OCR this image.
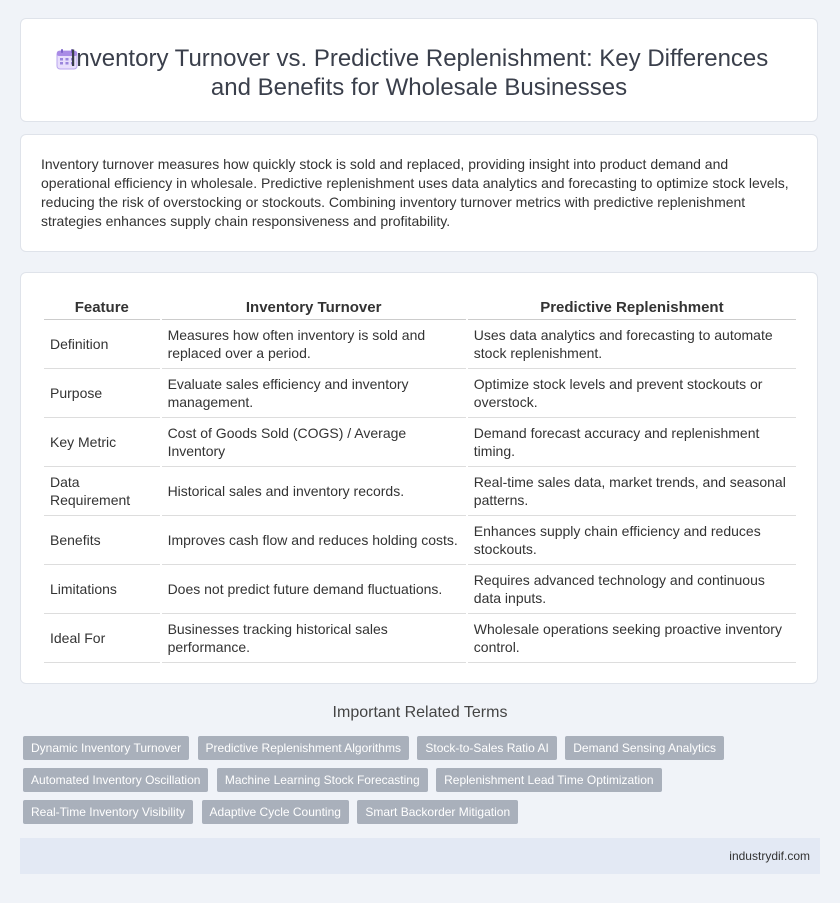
Inventory Turnover vs. Predictive Replenishment: Key Differences and Benefits for Wholesale Businesses
Inventory turnover measures how quickly stock is sold and replaced, providing insight into product demand and operational efficiency in wholesale. Predictive replenishment uses data analytics and forecasting to optimize stock levels, reducing the risk of overstocking or stockouts. Combining inventory turnover metrics with predictive replenishment strategies enhances supply chain responsiveness and profitability.
Feature	Inventory Turnover	Predictive Replenishment
Definition	Measures how often inventory is sold and replaced over a period.	Uses data analytics and forecasting to automate stock replenishment.
Purpose	Evaluate sales efficiency and inventory management.	Optimize stock levels and prevent stockouts or overstock.
Key Metric	Cost of Goods Sold (COGS) / Average Inventory	Demand forecast accuracy and replenishment timing.
Data Requirement	Historical sales and inventory records.	Real-time sales data, market trends, and seasonal patterns.
Benefits	Improves cash flow and reduces holding costs.	Enhances supply chain efficiency and reduces stockouts.
Limitations	Does not predict future demand fluctuations.	Requires advanced technology and continuous data inputs.
Ideal For	Businesses tracking historical sales performance.	Wholesale operations seeking proactive inventory control.
Important Related Terms
Dynamic Inventory Turnover Predictive Replenishment Algorithms Stock-to-Sales Ratio AI Demand Sensing Analytics Automated Inventory Oscillation Machine Learning Stock Forecasting Replenishment Lead Time Optimization Real-Time Inventory Visibility Adaptive Cycle Counting Smart Backorder Mitigation
industrydif.com
